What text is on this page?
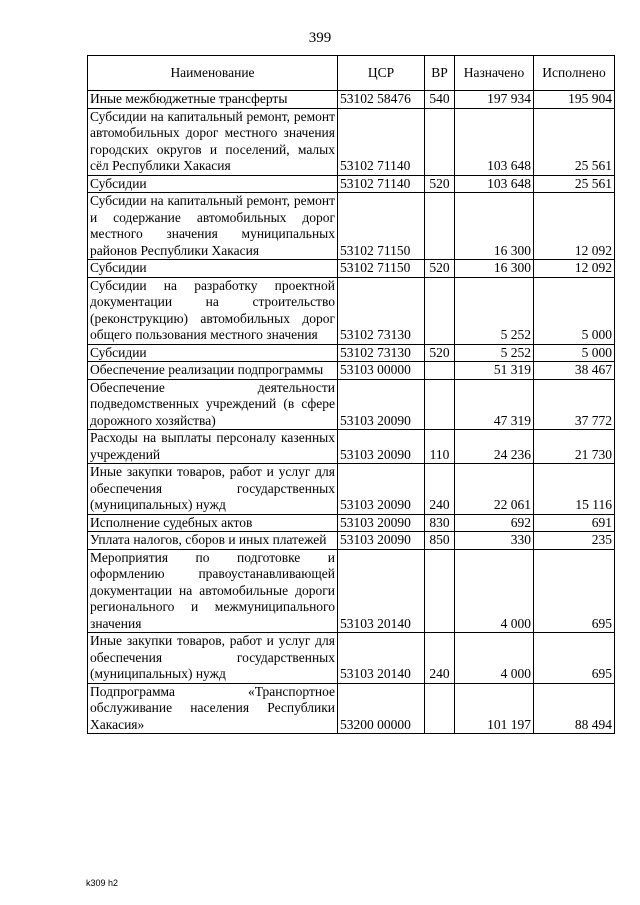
399
Наименование	ЦСР	ВР	Назначено	Исполнено
Иные межбюджетные трансферты	53102 58476	540	197 934	195 904
Субсидии на капитальный ремонт, ремонт автомобильных дорог местного значения городских округов и поселений, малых сёл Республики Хакасия	53102 71140		103 648	25 561
Субсидии	53102 71140	520	103 648	25 561
Субсидии на капитальный ремонт, ремонт и содержание автомобильных дорог местного значения муниципальных районов Республики Хакасия	53102 71150		16 300	12 092
Субсидии	53102 71150	520	16 300	12 092
Субсидии на разработку проектной документации на строительство (реконструкцию) автомобильных дорог общего пользования местного значения	53102 73130		5 252	5 000
Субсидии	53102 73130	520	5 252	5 000
Обеспечение реализации подпрограммы	53103 00000		51 319	38 467
Обеспечение деятельности подведомственных учреждений (в сфере дорожного хозяйства)	53103 20090		47 319	37 772
Расходы на выплаты персоналу казенных учреждений	53103 20090	110	24 236	21 730
Иные закупки товаров, работ и услуг для обеспечения государственных (муниципальных) нужд	53103 20090	240	22 061	15 116
Исполнение судебных актов	53103 20090	830	692	691
Уплата налогов, сборов и иных платежей	53103 20090	850	330	235
Мероприятия по подготовке и оформлению правоустанавливающей документации на автомобильные дороги регионального и межмуниципального значения	53103 20140		4 000	695
Иные закупки товаров, работ и услуг для обеспечения государственных (муниципальных) нужд	53103 20140	240	4 000	695
Подпрограмма «Транспортное обслуживание населения Республики Хакасия»	53200 00000		101 197	88 494
k309 h2
